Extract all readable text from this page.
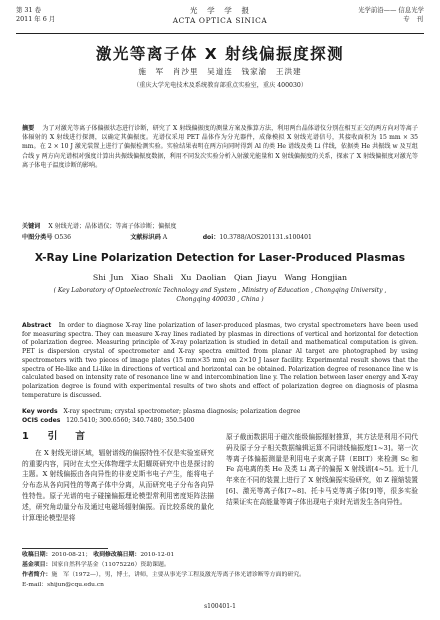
第 31 卷
2011 年 6 月
光　学　学　报
ACTA OPTICA SINICA
光学前沿—— 信息光学
专刊
激光等离子体 X 射线偏振度探测
施　军　肖沙里　吴道连　钱家渝　王洪建
（重庆大学光电技术及系统教育部重点实验室，重庆 400030）
摘要　 为了对激光等离子体偏振状态进行诊断，研究了 X 射线偏振度的测量方案及推算方法，利用两台晶体谱仪分别在相互正交的两方向对等离子体辐射的 X 射线进行探测，以确定其偏振度。光谱仪采用 PET 晶体作为分光器件，成像模拟 X 射线光谱信号，其接收面积为 15 mm × 35 mm。在 2 × 10 J 激光装置上进行了偏振检测实验。实验结果表明在两方向同时得到 Al 的类 He 谱线及类 Li 伴线，依据类 He 共振线 w 及互组合线 y 两方向光谱相对强度计算出共振线偏振度数据，利用不同发次实验分析入射激光能量和 X 射线偏振度的关系，探索了 X 射线偏振度对激光等离子体电子温度诊断的影响。
关键词　 X 射线光谱；晶体谱仪；等离子体诊断；偏振度
中图分类号 O536	文献标识码 A	doi：10.3788/AOS201131.s100401
X-Ray Line Polarization Detection for Laser-Produced Plasmas
Shi Jun　Xiao Shali　Xu Daolian　Qian Jiayu　Wang Hongjian
( Key Laboratory of Optoelectronic Technology and System , Ministry of Education , Chongqing University , Chongqing 400030 , China )
Abstract In order to diagnose X-ray line polarization of laser-produced plasmas, two crystal spectrometers have been used for measuring spectra. They can measure X-ray lines radiated by plasmas in directions of vertical and horizontal for detection of polarization degree. Measuring principle of X-ray polarization is studied in detail and mathematical computation is given. PET is dispersion crystal of spectrometer and X-ray spectra emitted from planar Al target are photographed by using spectrometers with two pieces of image plates (15 mm×35 mm) on 2×10 J laser facility. Experimental result shows that the spectra of He-like and Li-like in directions of vertical and horizontal can be obtained. Polarization degree of resonance line w is calculated based on intensity rate of resonance line w and intercombination line y. The relation between laser energy and X-ray polarization degree is found with experimental results of two shots and effect of polarization degree on diagnosis of plasma temperature is discussed.
Key words X-ray spectrum; crystal spectrometer; plasma diagnosis; polarization degree
OCIS codes 120.5410; 300.6560; 340.7480; 350.5400
1 引　言

在 X 射线光谱区域，辐射谱线的偏振特性不仅是实验室研究的重要内容，同时在太空天体物理学太阳耀斑研究中也是探讨的主题。X 射线偏振由各向异性的非麦克斯韦电子产生，能将电子分布态从各向同性的等离子体中分离，从而研究电子分布各向异性特性。原子光谱的电子碰撞偏振理论模型常利用密度矩阵法描述，研究角动量分布及通过电磁场辐射偏振。而比较系统的量化计算理论模型是将

原子截面数据用于磁次能级偏振辐射推算，其方法是利用不同代码及原子分子相关数据编辑运算不同谱线偏振度[1~3]。第一次等离子体偏振测量是利用电子束离子阱（EBIT）来检测 Sc 和 Fe 高电离的类 He 及类 Li 离子的偏振 X 射线谱[4~5]。近十几年来在不同的装置上进行了 X 射线偏振实验研究，如 Z 箍缩装置[6]、激光等离子体[7~8]、托卡马克等离子体[9]等，很多实验结果证实在高能量等离子体出现电子束时光谱发生各向异性。

收稿日期：2010-08-21； 收到修改稿日期：2010-12-01
基金项目：国家自然科学基金（11075226）资助课题。
作者简介：施　军（1972—），男，博士，讲师，主要从事光学工程及激光等离子体光谱诊断等方面的研究。
E-mail：shijun@cqu.edu.cn
s100401-1
